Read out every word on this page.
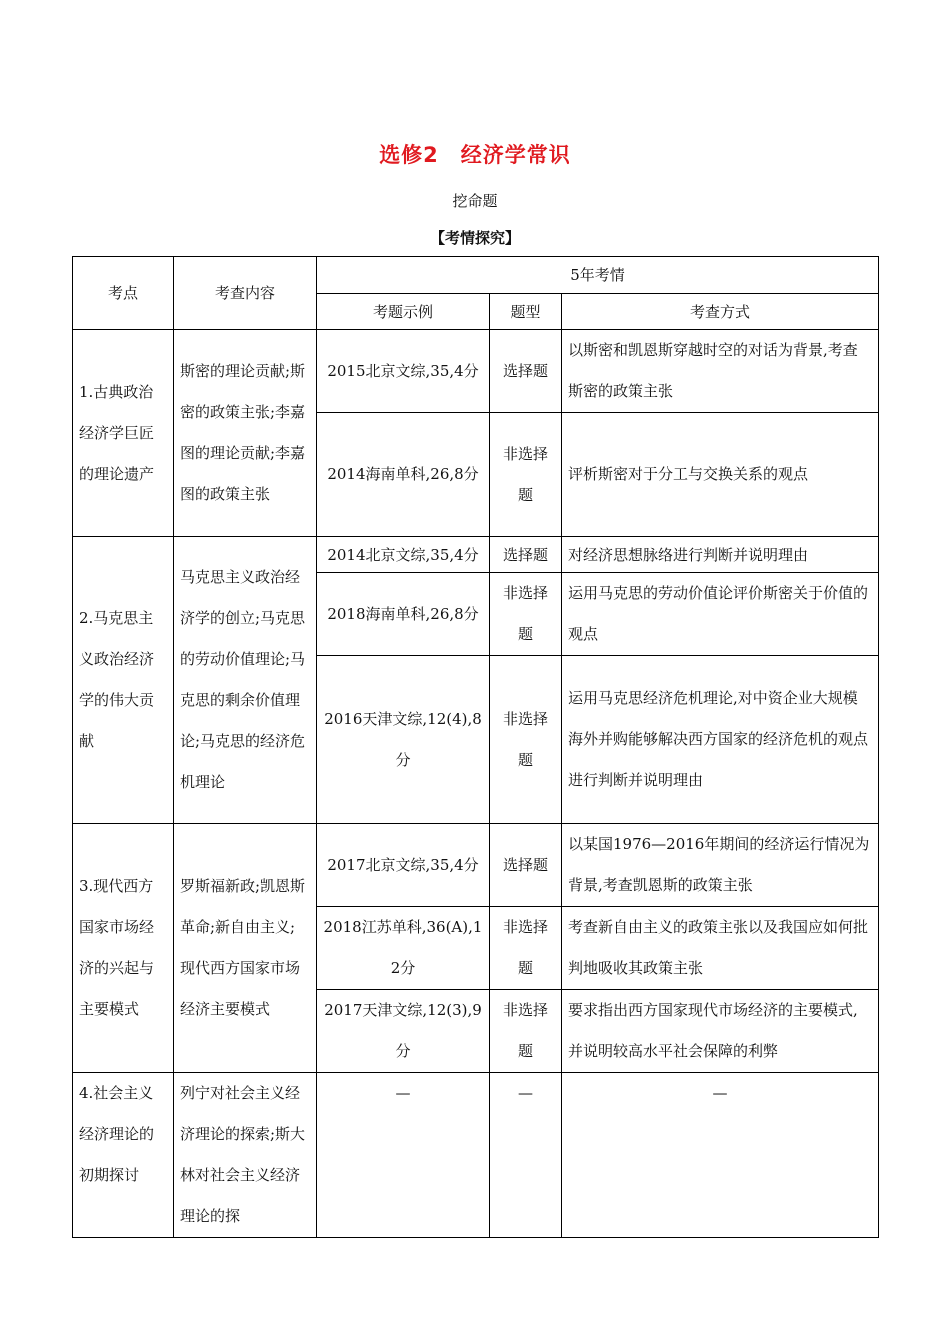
选修2　经济学常识
挖命题
【考情探究】
考点	考查内容	5年考情		
		考题示例	题型	考查方式
1.古典政治经济学巨匠的理论遗产	斯密的理论贡献;斯密的政策主张;李嘉图的理论贡献;李嘉图的政策主张	2015北京文综,35,4分	选择题	以斯密和凯恩斯穿越时空的对话为背景,考查斯密的政策主张
		2014海南单科,26,8分	非选择题	评析斯密对于分工与交换关系的观点
2.马克思主义政治经济学的伟大贡献	马克思主义政治经济学的创立;马克思的劳动价值理论;马克思的剩余价值理论;马克思的经济危机理论	2014北京文综,35,4分	选择题	对经济思想脉络进行判断并说明理由
		2018海南单科,26,8分	非选择题	运用马克思的劳动价值论评价斯密关于价值的观点
		2016天津文综,12(4),8分	非选择题	运用马克思经济危机理论,对中资企业大规模海外并购能够解决西方国家的经济危机的观点进行判断并说明理由
3.现代西方国家市场经济的兴起与主要模式	罗斯福新政;凯恩斯革命;新自由主义;现代西方国家市场经济主要模式	2017北京文综,35,4分	选择题	以某国1976—2016年期间的经济运行情况为背景,考查凯恩斯的政策主张
		2018江苏单科,36(A),12分	非选择题	考查新自由主义的政策主张以及我国应如何批判地吸收其政策主张
		2017天津文综,12(3),9分	非选择题	要求指出西方国家现代市场经济的主要模式,并说明较高水平社会保障的利弊
4.社会主义经济理论的初期探讨	列宁对社会主义经济理论的探索;斯大林对社会主义经济理论的探	—	—	—
